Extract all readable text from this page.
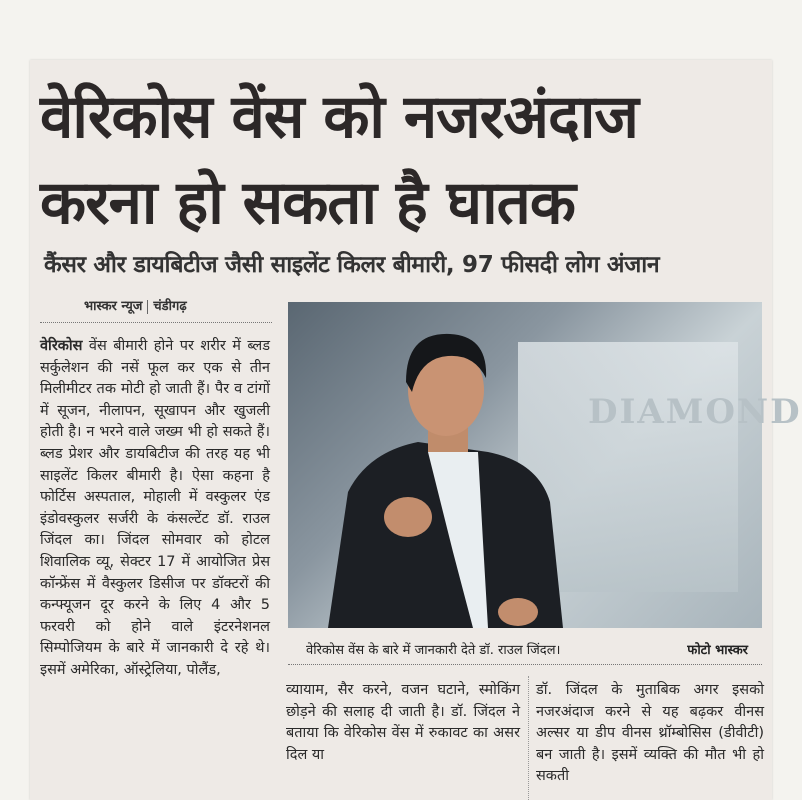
वेरिकोस वेंस को नजरअंदाज
करना हो सकता है घातक
कैंसर और डायबिटीज जैसी साइलेंट किलर बीमारी, 97 फीसदी लोग अंजान
भास्कर न्यूज चंडीगढ़
वेरिकोस वेंस बीमारी होने पर शरीर में ब्लड सर्कुलेशन की नसें फूल कर एक से तीन मिलीमीटर तक मोटी हो जाती हैं। पैर व टांगों में सूजन, नीलापन, सूखापन और खुजली होती है। न भरने वाले जख्म भी हो सकते हैं। ब्लड प्रेशर और डायबिटीज की तरह यह भी साइलेंट किलर बीमारी है। ऐसा कहना है फोर्टिस अस्पताल, मोहाली में वस्कुलर एंड इंडोवस्कुलर सर्जरी के कंसल्टेंट डॉ. राउल जिंदल का। जिंदल सोमवार को होटल शिवालिक व्यू, सेक्टर 17 में आयोजित प्रेस कॉन्फ्रेंस में वैस्कुलर डिसीज पर डॉक्टरों की कन्फ्यूजन दूर करने के लिए 4 और 5 फरवरी को होने वाले इंटरनेशनल सिम्पोजियम के बारे में जानकारी दे रहे थे। इसमें अमेरिका, ऑस्ट्रेलिया, पोलैंड,
DIAMOND
वेरिकोस वेंस के बारे में जानकारी देते डॉ. राउल जिंदल।	फोटो भास्कर
व्यायाम, सैर करने, वजन घटाने, स्मोकिंग छोड़ने की सलाह दी जाती है। डॉ. जिंदल ने बताया कि वेरिकोस वेंस में रुकावट का असर दिल या
डॉ. जिंदल के मुताबिक अगर इसको नजरअंदाज करने से यह बढ़कर वीनस अल्सर या डीप वीनस थ्रॉम्बोसिस (डीवीटी) बन जाती है। इसमें व्यक्ति की मौत भी हो सकती
